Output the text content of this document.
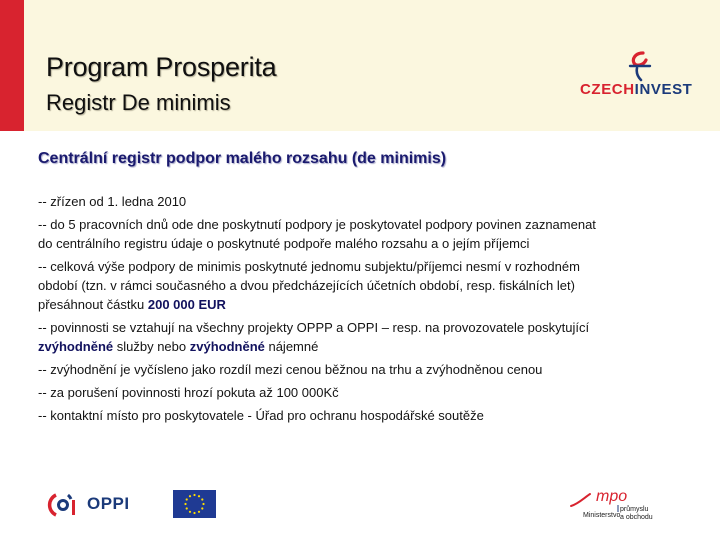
Program Prosperita
Registr De minimis
CZECHINVEST
Centrální registr podpor malého rozsahu (de minimis)

-- zřízen od 1. ledna 2010

-- do 5 pracovních dnů ode dne poskytnutí podpory je poskytovatel podpory povinen zaznamenat
do centrálního registru údaje o poskytnuté podpoře malého rozsahu a o jejím příjemci

-- celková výše podpory de minimis poskytnuté jednomu subjektu/příjemci nesmí v rozhodném
období (tzn. v rámci současného a dvou předcházejících účetních období, resp. fiskálních let)
přesáhnout částku 200 000 EUR

-- povinnosti se vztahují na všechny projekty OPPP a OPPI – resp. na provozovatele poskytující
zvýhodněné služby nebo zvýhodněné nájemné

-- zvýhodnění je vyčísleno jako rozdíl mezi cenou běžnou na trhu a zvýhodněnou cenou

-- za porušení povinnosti hrozí pokuta až 100 000Kč

-- kontaktní místo pro poskytovatele - Úřad pro ochranu hospodářské soutěže

OPPI	mpo
Ministerstvo
průmyslu
a obchodu
